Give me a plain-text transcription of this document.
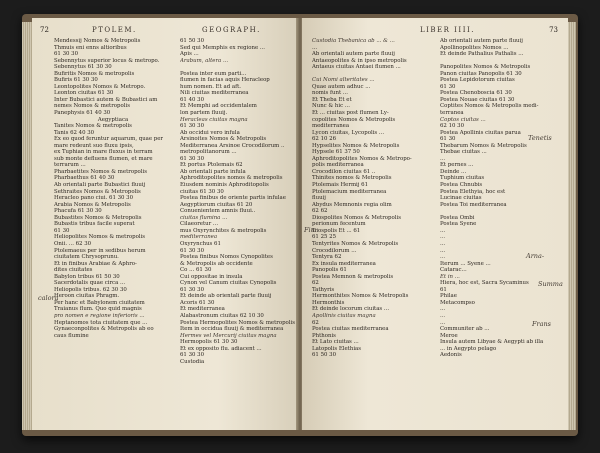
72	PTOLEM.	GEOGRAPH.
Mendessij Nomos & Metropolis
Thmuis eni enns altioribus
61 30 30
Sebennytus superior locus & metropo.
Sebennytus 61 30 30
Bufiritis Nomos & metropolis
Bufiris 61 30 30
Leontopolites Nomos & Metropo.
Leonton ciuitas 61 30
Inter Bubastici autem & Bubastici am
nemes Nomos & metropolis
Panephysis 61 40 30
Aegyptiaca
Tanites Nomos & metropolis
Tanis 62 40 30
Ex eo quod feruntur aquarum, quae per
mare redeunt suo fluxu ipsis,
ex Tuphian in mare fluxus in terram
sub monte defluens flumen, et mare
terrarum ...
Pharbaetites Nomos & metropolis
Pharbaethus 61 40 30
Ab orientali parte Bubastici fluuij
Sethraites Nomos & Metropolis
Heracleo pano ciui. 61 30 30
Arabia Nomos & Metropolis
Phacufa 61 30 30
Bubastites Nomos & Metropolis
Bubastis tribus facile superat
61 30
Heliopolites Nomos & metropolis
Onii. ... 62 30
Ptolemaeus per in sedibus herum
ciuitatem Chrysoprunu.
Et in finibus Arabiae & Aphro-
dites ciuitates
Babylon tribus 61 50 30
Sacerdotalis quae circa ...
Heliopolis tribus. 62 30 30
Heroon ciuitas Phragm.
Per hanc et Babylonem ciuitatem
Traianus flum. Quo quid magnis
pro nomen e regione inferioris ...
Heptanomos tota ciuitatem que ...
Gynaeconpolites & Metropolis ab eo
caus flumine
61 50 30
Sed qui Memphis ex regione ...
Apis ...
Arabum, altera ...

Postea inter eum parti...
flumen in facias aquis Heracleop
hum nomen. Et ad aft.
Nili ciuitas mediterranea
61 40 30
Et Memphi ad occidentalem
lon partem fluuij.
Heracleas ciuitas magna
61 30 30
Ab occidui vero infula
Arsinoites Nomos & Metropolis
Mediterranea Arsinoe Crocodilorum ..
metropolitanorum ...
61 30 30
Et portus Ptolemais 62
Ab orientali parte infula
Aphroditopolites nomos & metropolis
Eiusdem nominis Aphroditopolis
ciuitas 61 30 30
Postea finibus de oriente partis infulae
Aegyptiorum ciuitas 61 20
Conuenientem amnis fluui..
ciuitas flumina ...
Cilaeoretur ...
mus Oxyrynchites & metropolis
mediterranea
Oxyrynchus 61
61 30 30
Postea finibus Nomos Cynopolites
& Metropolis ab occidente
Co ... 61 30
Cui oppositae in insula
Cynon vel Canum ciuitas Cynopolis
61 30 30
Et deinde ab orientali parte fluuij
Acoris 61 30
Et mediterranea
Alabastronum ciuitas 62 10 30
Postea Hermopolites Nomos & metropolis
Item in occidua fluuij & mediterranea
Hermes vel Mercurij ciuitas magna
Hermopolis 61 30 30
Et ex opposito flu. adiacent ...
61 30 30
Custodia
calora
LIBER IIII.	73
Custodia Thebanica ab ... & ...
...
Ab orientali autem parte fluuij
Antaeopolites & in ipso metropolis
Antaeus ciuitas Antaei flumen ...

Cui Nomi alteritates ...
Quae autem adhuc ...
nomis funt ...
Et Theba Et et
Nunc & hic ...
Et ... ciuitas post flumen Ly-
copolites Nomos & Metropolis
mediterranea
Lycon ciuitas, Lycopolis ...
62 10 26
Hypselites Nomos & Metropolis
Hypsele 61 37 50
Aphroditopolites Nomos & Metropo-
polis mediterranea
Crocodilon ciuitas 61 ..
Thinites nomos & Metropolis
Ptolemais Hermij 61
Ptolemacium mediterranea
fluuij
Abydus Memnonis regia olim
62 62
Diospolites Nomos & Metropolis
perionum fecentum
Diospolis Et ... 61
61 25 25
Tentyrites Nomos & Metropolis
Crocodilorum ...
Tentyra 62
Ex insula mediterranea
Panopolis 61
Postea Memnon & metropolis
62
Tathyris
Hermonthites Nomos & Metropolis
Hermonthis
Et deinde locorum ciuitas ...
Apollinis ciuitas magna
62
Postea ciuitas mediterranea
Phthonis
Et Lato ciuitas ...
Latopolis Elethias
61 50 30
Ab orientali autem parte fluuij
Apollinopolites Nomos ...
Et deinde Pathalius Pathalis ...

Panopolites Nomos & Metropolis
Panon ciuitas Panopolis 61 30
Postea Lepidotorum ciuitas
61 30
Postea Chenoboscia 61 30
Postea Nouae ciuitas 61 30
Coptites Nomos & Metropolis medi-
terranea
Coptos ciuitas ...
62 10 30
Postea Apollinis ciuitas parua
61 30
Thebarum Nomos & Metropolis
Thebae ciuitas ...
...
Et pernes ...
Deinde ...
Tuphium ciuitas
Postea Chnubis
Postea Elethyia, hoc est
Lucinae ciuitas
Postea Toi mediterranea

Postea Ombi
Postea Syene
...
...
...
...
...
Iterum ... Syene ...
Catarac...
Et in ...
Hiera, hoc est, Sacra Sycaminus
61
Philae
Metacompso
...
...
...
Communiter ab ...
Meroe
Insula autem Libyae & Aegypti ab illa
... in Aegypto pelago
Aedonis
Tenetis
Arna-
Summa
Frans
Fin:
